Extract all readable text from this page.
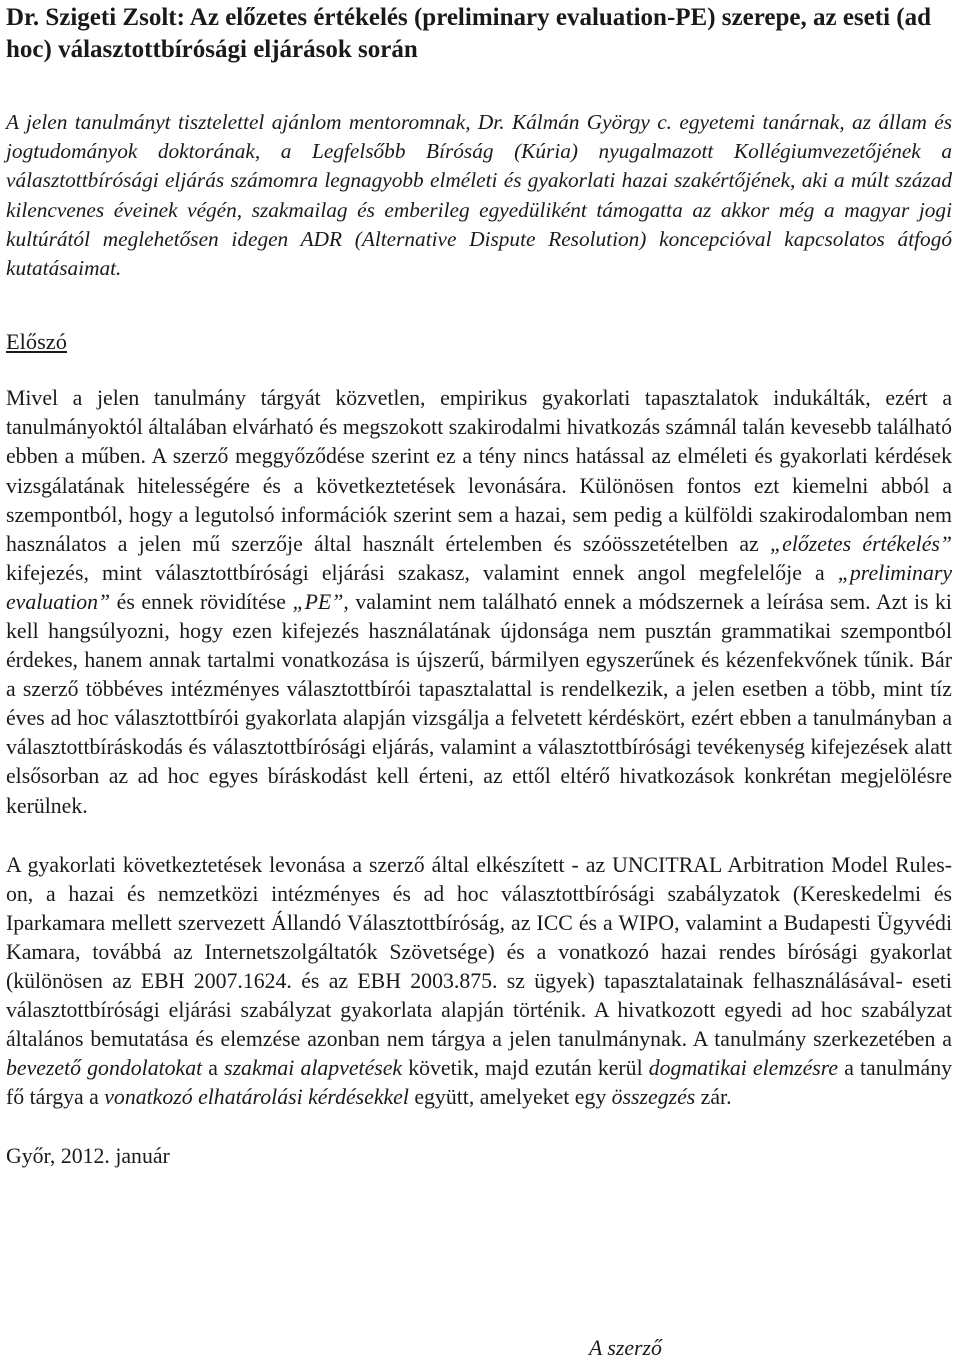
Dr. Szigeti Zsolt: Az előzetes értékelés (preliminary evaluation-PE) szerepe, az eseti (ad hoc) választottbírósági eljárások során
A jelen tanulmányt tisztelettel ajánlom mentoromnak, Dr. Kálmán György c. egyetemi tanárnak, az állam és jogtudományok doktorának, a Legfelsőbb Bíróság (Kúria) nyugalmazott Kollégiumvezetőjének a választottbírósági eljárás számomra legnagyobb elméleti és gyakorlati hazai szakértőjének, aki a múlt század kilencvenes éveinek végén, szakmailag és emberileg egyedüliként támogatta az akkor még a magyar jogi kultúrától meglehetősen idegen ADR (Alternative Dispute Resolution) koncepcióval kapcsolatos átfogó kutatásaimat.
Előszó
Mivel a jelen tanulmány tárgyát közvetlen, empirikus gyakorlati tapasztalatok indukálták, ezért a tanulmányoktól általában elvárható és megszokott szakirodalmi hivatkozás számnál talán kevesebb található ebben a műben. A szerző meggyőződése szerint ez a tény nincs hatással az elméleti és gyakorlati kérdések vizsgálatának hitelességére és a következtetések levonására. Különösen fontos ezt kiemelni abból a szempontból, hogy a legutolsó információk szerint sem a hazai, sem pedig a külföldi szakirodalomban nem használatos a jelen mű szerzője által használt értelemben és szóösszetételben az „előzetes értékelés” kifejezés, mint választottbírósági eljárási szakasz, valamint ennek angol megfelelője a „preliminary evaluation” és ennek rövidítése „PE”, valamint nem található ennek a módszernek a leírása sem. Azt is ki kell hangsúlyozni, hogy ezen kifejezés használatának újdonsága nem pusztán grammatikai szempontból érdekes, hanem annak tartalmi vonatkozása is újszerű, bármilyen egyszerűnek és kézenfekvőnek tűnik. Bár a szerző többéves intézményes választottbírói tapasztalattal is rendelkezik, a jelen esetben a több, mint tíz éves ad hoc választottbírói gyakorlata alapján vizsgálja a felvetett kérdéskört, ezért ebben a tanulmányban a választottbíráskodás és választottbírósági eljárás, valamint a választottbírósági tevékenység kifejezések alatt elsősorban az ad hoc egyes bíráskodást kell érteni, az ettől eltérő hivatkozások konkrétan megjelölésre kerülnek.
A gyakorlati következtetések levonása a szerző által elkészített - az UNCITRAL Arbitration Model Rules-on, a hazai és nemzetközi intézményes és ad hoc választottbírósági szabályzatok (Kereskedelmi és Iparkamara mellett szervezett Állandó Választottbíróság, az ICC és a WIPO, valamint a Budapesti Ügyvédi Kamara, továbbá az Internetszolgáltatók Szövetsége) és a vonatkozó hazai rendes bírósági gyakorlat (különösen az EBH 2007.1624. és az EBH 2003.875. sz ügyek) tapasztalatainak felhasználásával- eseti választottbírósági eljárási szabályzat gyakorlata alapján történik. A hivatkozott egyedi ad hoc szabályzat általános bemutatása és elemzése azonban nem tárgya a jelen tanulmánynak. A tanulmány szerkezetében a bevezető gondolatokat a szakmai alapvetések követik, majd ezután kerül dogmatikai elemzésre a tanulmány fő tárgya a vonatkozó elhatárolási kérdésekkel együtt, amelyeket egy összegzés zár.
Győr, 2012. január
A szerző
